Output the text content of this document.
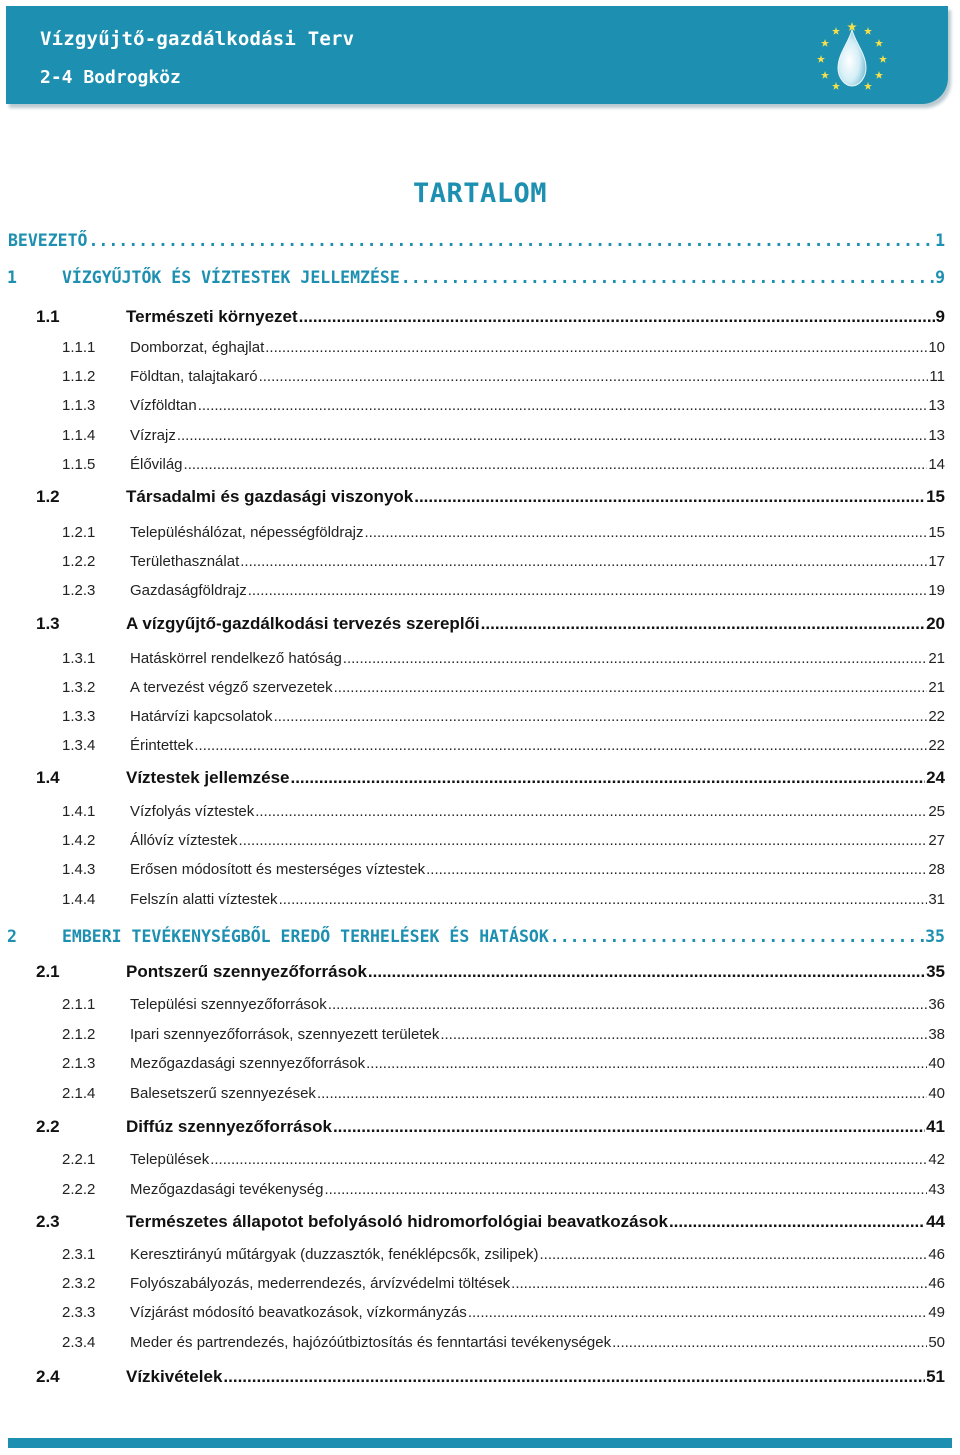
Vízgyűjtő-gazdálkodási Terv
2-4 Bodrogköz
TARTALOM
BEVEZETŐ .....	1
1	VÍZGYŰJTŐK ÉS VÍZTESTEK JELLEMZÉSE .....	9
1.1	Természeti környezet .....	9
1.1.1	Domborzat, éghajlat .....	10
1.1.2	Földtan, talajtakaró .....	11
1.1.3	Vízföldtan .....	13
1.1.4	Vízrajz .....	13
1.1.5	Élővilág .....	14
1.2	Társadalmi és gazdasági viszonyok .....	15
1.2.1	Településhálózat, népességföldrajz .....	15
1.2.2	Területhasználat .....	17
1.2.3	Gazdaságföldrajz .....	19
1.3	A vízgyűjtő-gazdálkodási tervezés szereplői .....	20
1.3.1	Hatáskörrel rendelkező hatóság .....	21
1.3.2	A tervezést végző szervezetek .....	21
1.3.3	Határvízi kapcsolatok .....	22
1.3.4	Érintettek .....	22
1.4	Víztestek jellemzése .....	24
1.4.1	Vízfolyás víztestek .....	25
1.4.2	Állóvíz víztestek .....	27
1.4.3	Erősen módosított és mesterséges víztestek .....	28
1.4.4	Felszín alatti víztestek .....	31
2	EMBERI TEVÉKENYSÉGBŐL EREDŐ TERHELÉSEK ÉS HATÁSOK .....	35
2.1	Pontszerű szennyezőforrások .....	35
2.1.1	Települési szennyezőforrások .....	36
2.1.2	Ipari szennyezőforrások, szennyezett területek .....	38
2.1.3	Mezőgazdasági szennyezőforrások .....	40
2.1.4	Balesetszerű szennyezések .....	40
2.2	Diffúz szennyezőforrások .....	41
2.2.1	Települések .....	42
2.2.2	Mezőgazdasági tevékenység .....	43
2.3	Természetes állapotot befolyásoló hidromorfológiai beavatkozások .....	44
2.3.1	Keresztirányú műtárgyak (duzzasztók, fenéklépcsők, zsilipek) .....	46
2.3.2	Folyószabályozás, mederrendezés, árvízvédelmi töltések .....	46
2.3.3	Vízjárást módosító beavatkozások, vízkormányzás .....	49
2.3.4	Meder és partrendezés, hajózóútbiztosítás és fenntartási tevékenységek .....	50
2.4	Vízkivételek .....	51
